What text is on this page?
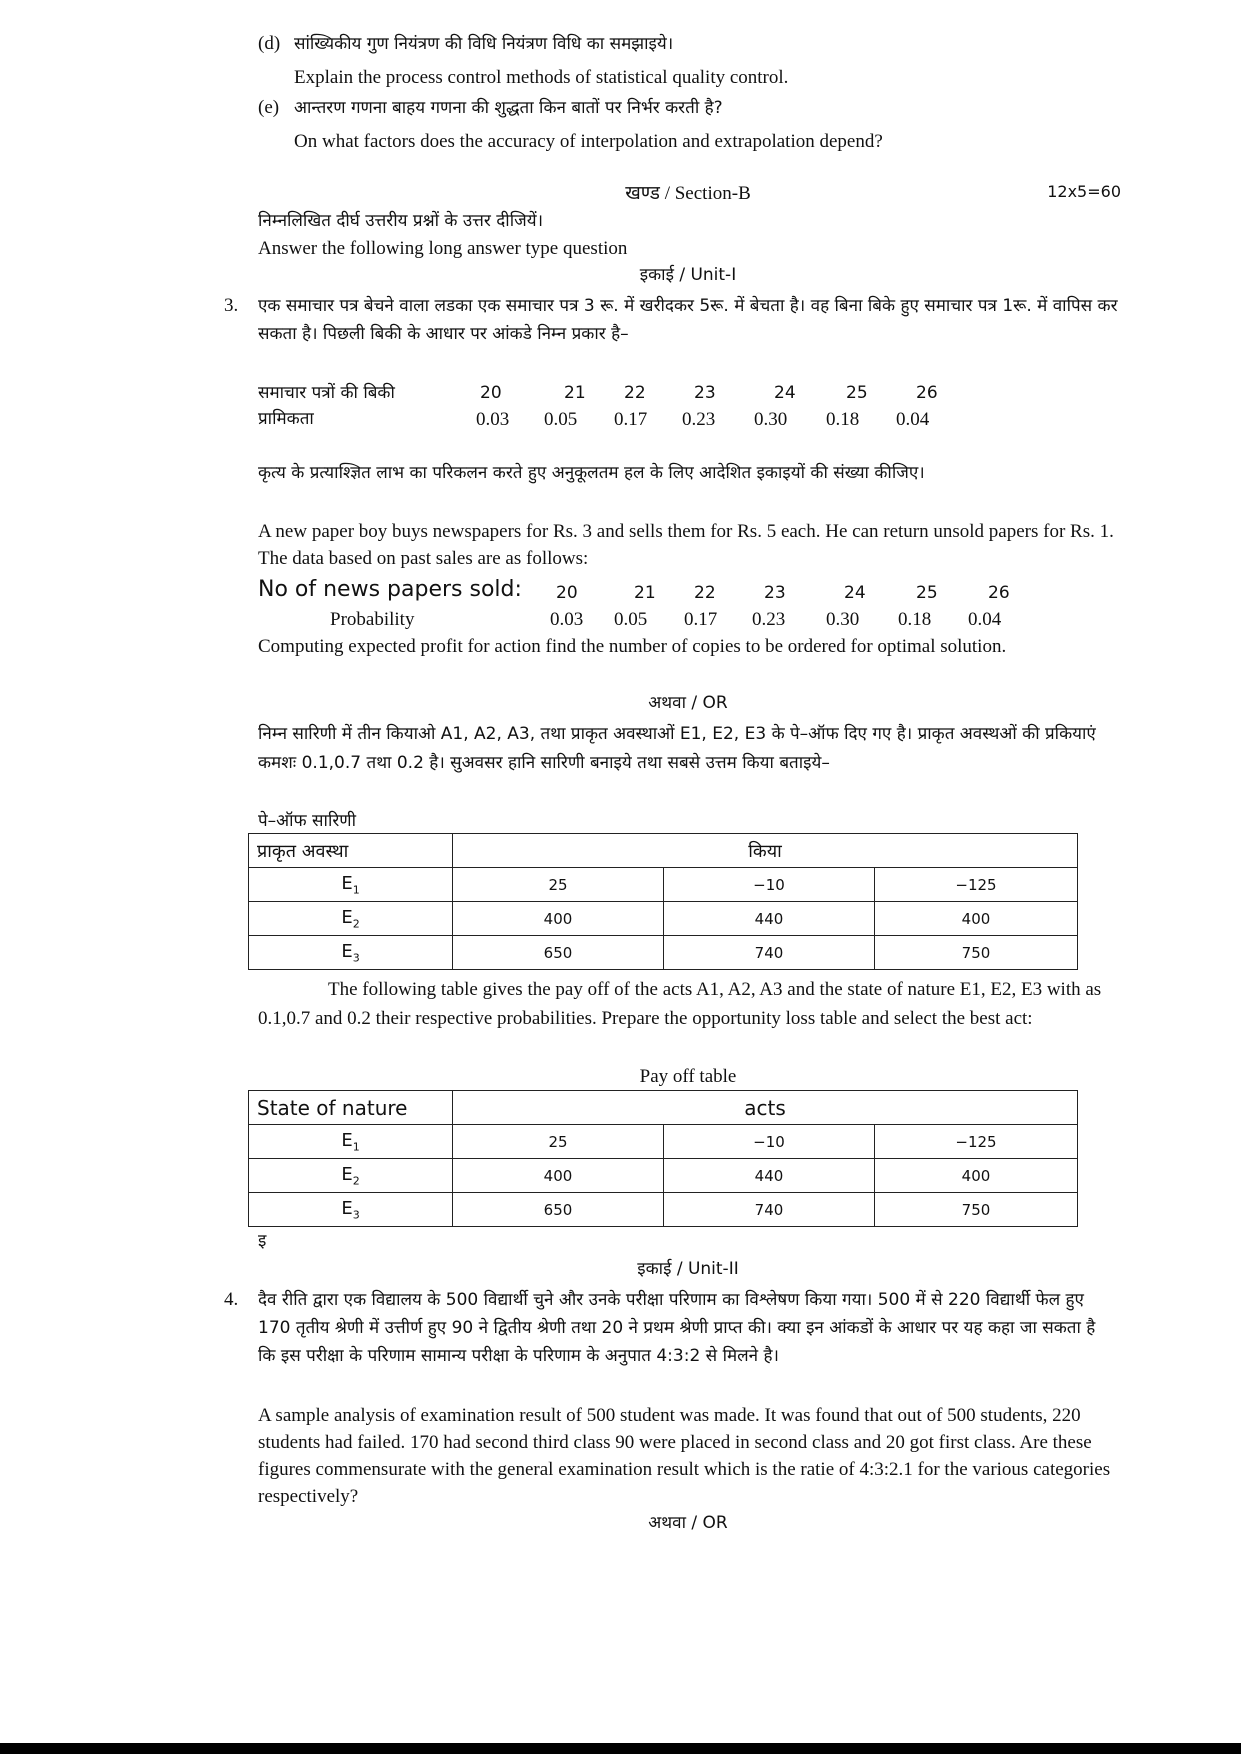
(d) सांख्यिकीय गुण नियंत्रण की विधि नियंत्रण विधि का समझाइये।
Explain the process control methods of statistical quality control.
(e) आन्तरण गणना बाहय गणना की शुद्धता किन बातों पर निर्भर करती है?
On what factors does the accuracy of interpolation and extrapolation depend?
खण्ड / Section-B	12x5=60
निम्नलिखित दीर्घ उत्तरीय प्रश्नों के उत्तर दीजियें।
Answer the following long answer type question
इकाई / Unit-I
3. एक समाचार पत्र बेचने वाला लडका एक समाचार पत्र 3 रू. में खरीदकर 5रू. में बेचता है। वह बिना बिके हुए समाचार पत्र 1रू. में वापिस कर सकता है। पिछली बिकी के आधार पर आंकडे निम्न प्रकार है–
समाचार पत्रों की बिकी	20	21 22	23	24	25	26
प्रामिकता	0.03 0.05 0.17 0.23 0.30 0.18 0.04
कृत्य के प्रत्याश्ज्ञित लाभ का परिकलन करते हुए अनुकूलतम हल के लिए आदेशित इकाइयों की संख्या कीजिए।
A new paper boy buys newspapers for Rs. 3 and sells them for Rs. 5 each. He can return unsold papers for Rs. 1. The data based on past sales are as follows:
No of news papers sold: 20	21 22	23	24	25	26
Probability	0.03 0.05 0.17 0.23 0.30 0.18 0.04
Computing expected profit for action find the number of copies to be ordered for optimal solution.
अथवा / OR
निम्न सारिणी में तीन कियाओ A1, A2, A3, तथा प्राकृत अवस्थाओं E1, E2, E3 के पे–ऑफ दिए गए है। प्राकृत अवस्थओं की प्रकियाएं कमशः 0.1,0.7 तथा 0.2 है। सुअवसर हानि सारिणी बनाइये तथा सबसे उत्तम किया बताइये–
पे–ऑफ सारिणी
प्राकृत अवस्था	किया		
$E_1$	25	−10	−125
$E_2$	400	440	400
$E_3$	650	740	750
The following table gives the pay off of the acts A1, A2, A3 and the state of nature E1, E2, E3 with as 0.1,0.7 and 0.2 their respective probabilities. Prepare the opportunity loss table and select the best act:
Pay off table
State of nature	acts		
$E_1$	25	−10	−125
$E_2$	400	440	400
$E_3$	650	740	750
इ
इकाई / Unit-II
4. दैव रीति द्वारा एक विद्यालय के 500 विद्यार्थी चुने और उनके परीक्षा परिणाम का विश्लेषण किया गया। 500 में से 220 विद्यार्थी फेल हुए 170 तृतीय श्रेणी में उत्तीर्ण हुए 90 ने द्वितीय श्रेणी तथा 20 ने प्रथम श्रेणी प्राप्त की। क्या इन आंकडों के आधार पर यह कहा जा सकता है कि इस परीक्षा के परिणाम सामान्य परीक्षा के परिणाम के अनुपात 4:3:2 से मिलने है।
A sample analysis of examination result of 500 student was made. It was found that out of 500 students, 220 students had failed. 170 had second third class 90 were placed in second class and 20 got first class. Are these figures commensurate with the general examination result which is the ratie of 4:3:2.1 for the various categories respectively?
अथवा / OR
